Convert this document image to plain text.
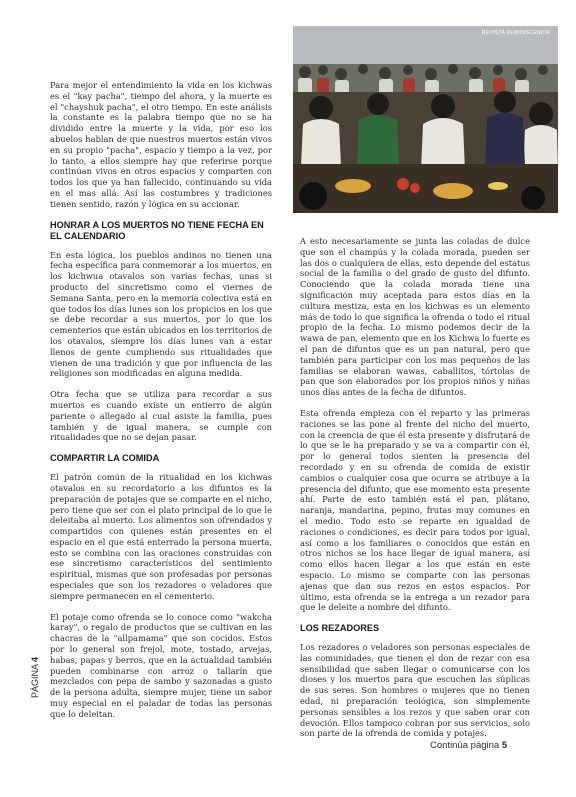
REVISTA REMINISCENCIA

Para mejor el entendimiento la vida en los kichwas es el "kay pacha", tiempo del ahora, y la muerte es el "chayshuk pacha", el otro tiempo. En este análisis la constante es la palabra tiempo que no se ha dividido entre la muerte y la vida, por eso los abuelos hablan de que nuestros muertos están vivos en su propio "pacha", espacio y tiempo a la vez, por lo tanto, a ellos siempre hay que referirse porque continúan vivos en otros espacios y comparten con todos los que ya han fallecido, continuando su vida en el mas allá. Así las costumbres y tradiciones tienen sentido, razón y lógica en su accionar.

HONRAR A LOS MUERTOS NO TIENE FECHA EN EL CALENDARIO

En esta lógica, los pueblos andinos no tienen una fecha específica para conmemorar a los muertos, en los kichwua otavalos son varias fechas, unas si producto del sincretismo como el viernes de Semana Santa, pero en la memoria colectiva está en que todos los días lunes son los propicios en los que se debe recordar a sus muertos, por lo que los cementerios que están ubicados en los territorios de los otavalos, siempre los días lunes van a estar llenos de gente cumpliendo sus ritualidades que vienen de una tradición y que por influencia de las religiones son modificadas en alguna medida.

Otra fecha que se utiliza para recordar a sus muertos es cuando existe un entierro de algún pariente o allegado al cual asiste la familia, pues también y de igual manera, se cumple con ritualidades que no se dejan pasar.

COMPARTIR LA COMIDA

El patrón común de la ritualidad en los kichwas otavalos en su recordatorio a los difuntos es la preparación de potajes que se comparte en el nicho, pero tiene que ser con el plato principal de lo que le deleitaba al muerto. Los alimentos son ofrendados y compartidos con quienes están presentes en el espacio en el que está enterrado la persona muerta, esto se combina con las oraciones construidas con ese sincretismo característicos del sentimiento espiritual, mismas que son profesadas por personas especiales que son los rezadores o veladores que siempre permanecen en el cementerio.

El potaje como ofrenda se lo conoce como "wakcha karay", o regalo de productos que se cultivan en las chacras de la "allpamama" que son cocidos. Estos por lo general son frejol, mote, tostado, arvejas, habas, papas y berros, que en la actualidad también pueden combinarse con arroz o tallarín que mezclados con pepa de sambo y sazonadas a gusto de la persona adulta, siempre mujer, tiene un sabor muy especial en el paladar de todas las personas que lo deleitan.

A esto necesariamente se junta las coladas de dulce que son el champús y la colada morada, pueden ser las dos o cualquiera de ellas, esto depende del estatus social de la familia o del grado de gusto del difunto. Conociendo que la colada morada tiene una significación muy aceptada para estos días en la cultura mestiza, esta en los kichwas es un elemento más de todo lo que significa la ofrenda o todo el ritual propio de la fecha. Lo mismo podemos decir de la wawa de pan, elemento que en los Kichwa lo fuerte es el pan de difuntos que es un pan natural, pero que también para participar con los mas pequeños de las familias se elaboran wawas, caballitos, tórtolas de pan que son elaborados por los propios niños y niñas unos días antes de la fecha de difuntos.

Esta ofrenda empieza con el reparto y las primeras raciones se las pone al frente del nicho del muerto, con la creencia de que él esta presente y disfrutará de lo que se le ha preparado y se va a compartir con él, por lo general todos sienten la presencia del recordado y en su ofrenda de comida de existir cambios o cualquier cosa que ocurra se atribuye a la presencia del difunto, que ese momento esta presente ahí. Parte de esto también está el pan, plátano, naranja, mandarina, pepino, frutas muy comunes en el medio. Todo esto se reparte en igualdad de raciones o condiciones, es decir para todos por igual, así como a los familiares o conocidos que están en otros nichos se los hace llegar de igual manera, así como ellos hacen llegar a los que están en este espacio. Lo mismo se comparte con las personas ajenas que dan sus rezos en estos espacios. Por último, esta ofrenda se la entrega a un rezador para que le deleite a nombre del difunto.

LOS REZADORES

Los rezadores o veladores son personas especiales de las comunidades, que tienen el don de rezar con esa sensibilidad que saben llegar o comunicarse con los dioses y los muertos para que escuchen las súplicas de sus seres. Son hombres o mujeres que no tienen edad, ni preparación teológica, son simplemente personas sensibles a los rezos y que saben orar con devoción. Ellos tampoco cobran por sus servicios, solo son parte de la ofrenda de comida y potajes.

PÁGINA 4
Continúa página 5
